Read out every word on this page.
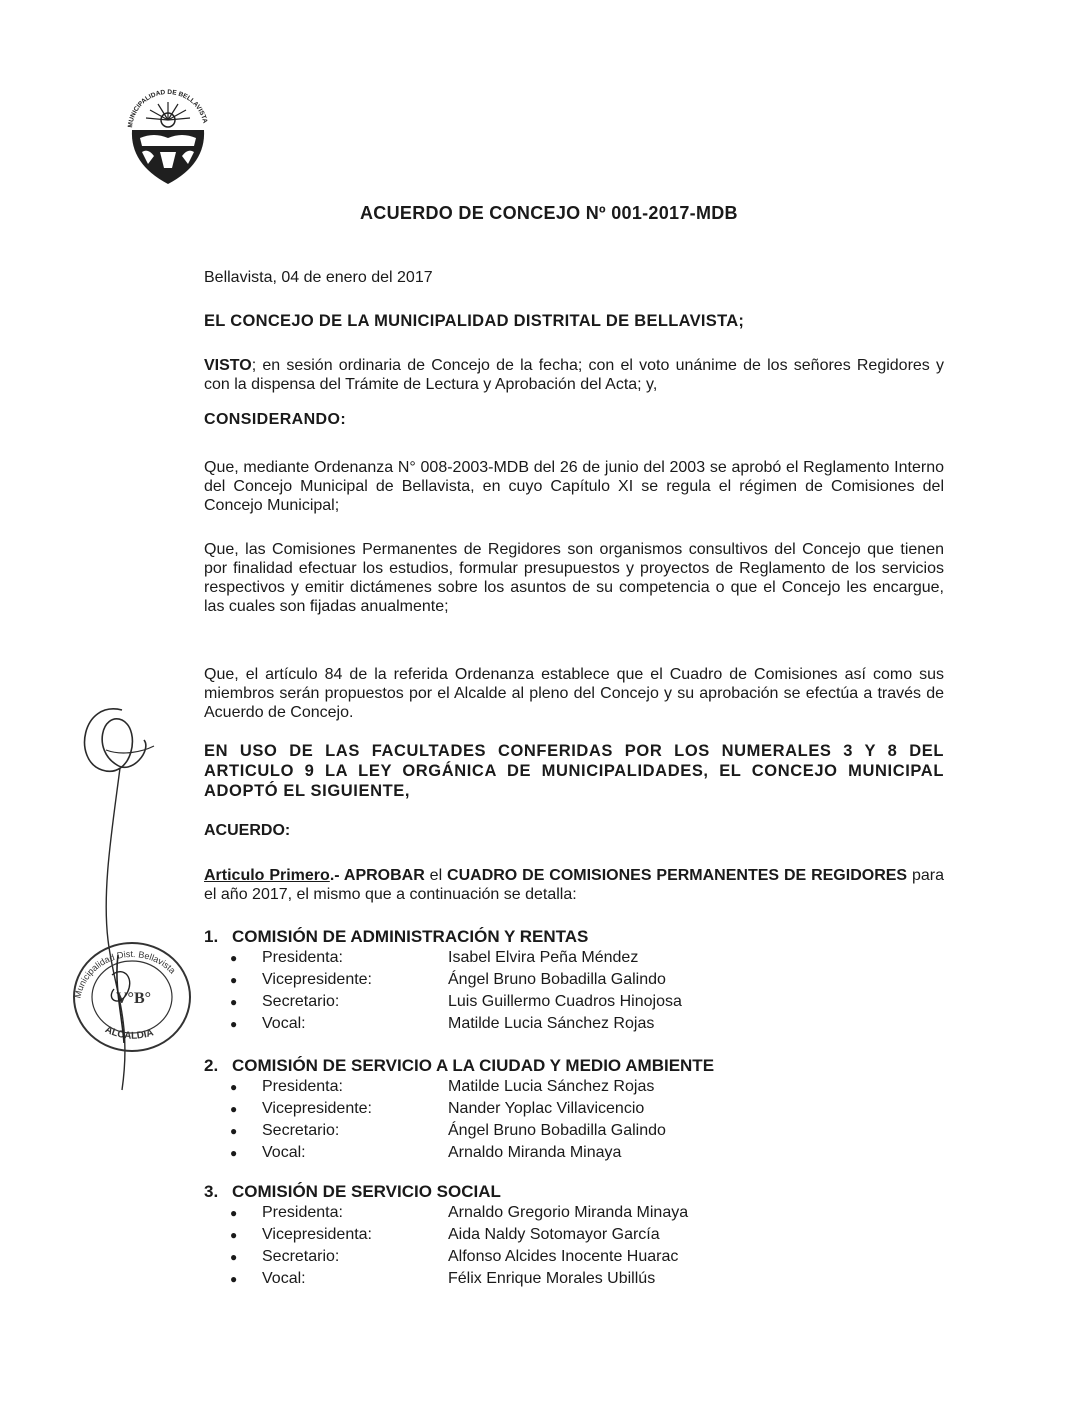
MUNICIPALIDAD DE BELLAVISTA
ACUERDO DE CONCEJO Nº 001-2017-MDB
Bellavista, 04 de enero del 2017
EL CONCEJO DE LA MUNICIPALIDAD DISTRITAL DE BELLAVISTA;
VISTO; en sesión ordinaria de Concejo de la fecha; con el voto unánime de los señores Regidores y con la dispensa del Trámite de Lectura y Aprobación del Acta; y,
CONSIDERANDO:
Que, mediante Ordenanza N° 008-2003-MDB del 26 de junio del 2003 se aprobó el Reglamento Interno del Concejo Municipal de Bellavista, en cuyo Capítulo XI se regula el régimen de Comisiones del Concejo Municipal;
Que, las Comisiones Permanentes de Regidores son organismos consultivos del Concejo que tienen por finalidad efectuar los estudios, formular presupuestos y proyectos de Reglamento de los servicios respectivos y emitir dictámenes sobre los asuntos de su competencia o que el Concejo les encargue, las cuales son fijadas anualmente;
Que, el artículo 84 de la referida Ordenanza establece que el Cuadro de Comisiones así como sus miembros serán propuestos por el Alcalde al pleno del Concejo y su aprobación se efectúa a través de Acuerdo de Concejo.
EN USO DE LAS FACULTADES CONFERIDAS POR LOS NUMERALES 3 Y 8 DEL ARTICULO 9 LA LEY ORGÁNICA DE MUNICIPALIDADES, EL CONCEJO MUNICIPAL ADOPTÓ EL SIGUIENTE,
ACUERDO:
Articulo Primero.- APROBAR el CUADRO DE COMISIONES PERMANENTES DE REGIDORES para el año 2017, el mismo que a continuación se detalla:
1. COMISIÓN DE ADMINISTRACIÓN Y RENTAS
● Presidenta:	Isabel Elvira Peña Méndez
● Vicepresidente:	Ángel Bruno Bobadilla Galindo
● Secretario:	Luis Guillermo Cuadros Hinojosa
● Vocal:	Matilde Lucia Sánchez Rojas
2. COMISIÓN DE SERVICIO A LA CIUDAD Y MEDIO AMBIENTE
● Presidenta:	Matilde Lucia Sánchez Rojas
● Vicepresidente:	Nander Yoplac Villavicencio
● Secretario:	Ángel Bruno Bobadilla Galindo
● Vocal:	Arnaldo Miranda Minaya
3. COMISIÓN DE SERVICIO SOCIAL
● Presidenta:	Arnaldo Gregorio Miranda Minaya
● Vicepresidenta:	Aida Naldy Sotomayor García
● Secretario:	Alfonso Alcides Inocente Huarac
● Vocal:	Félix Enrique Morales Ubillús
Municipalidad Dist. Bellavista
ALCALDIA
V°B°
